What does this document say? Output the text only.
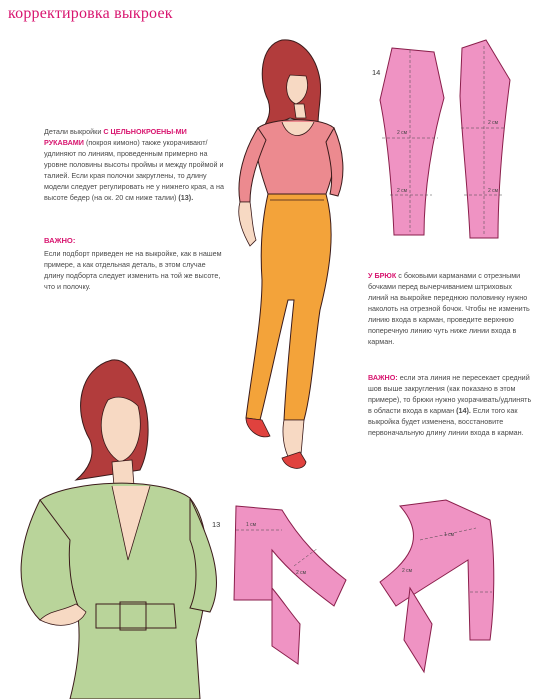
корректировка выкроек
2 см
2 см
2 см
2 см
1 см
2 см
1 см
2 см
14
13
Детали выкройки С ЦЕЛЬНОКРОЕНЫ-МИ РУКАВАМИ (покроя кимоно) также укорачивают/удлиняют по линиям, проведенным примерно на уровне половины высоты проймы и между проймой и талией. Если края полочки закруглены, то длину модели следует регулировать не у нижнего края, а на высоте бедер (на ок. 20 см ниже талии) (13).
ВАЖНО:
Если подборт приведен не на выкройке, как в нашем примере, а как отдельная деталь, в этом случае длину подборта следует изменить на той же высоте, что и полочку.
У БРЮК с боковыми карманами с отрезными бочками перед вычерчиванием штриховых линий на выкройке переднюю половинку нужно наколоть на отрезной бочок. Чтобы не изменить линию входа в карман, проведите верхнюю поперечную линию чуть ниже линии входа в карман.
ВАЖНО: если эта линия не пересекает средний шов выше закругления (как показано в этом примере), то брюки нужно укорачивать/удлинять в области входа в карман (14). Если того как выкройка будет изменена, восстановите первоначальную длину линии входа в карман.
